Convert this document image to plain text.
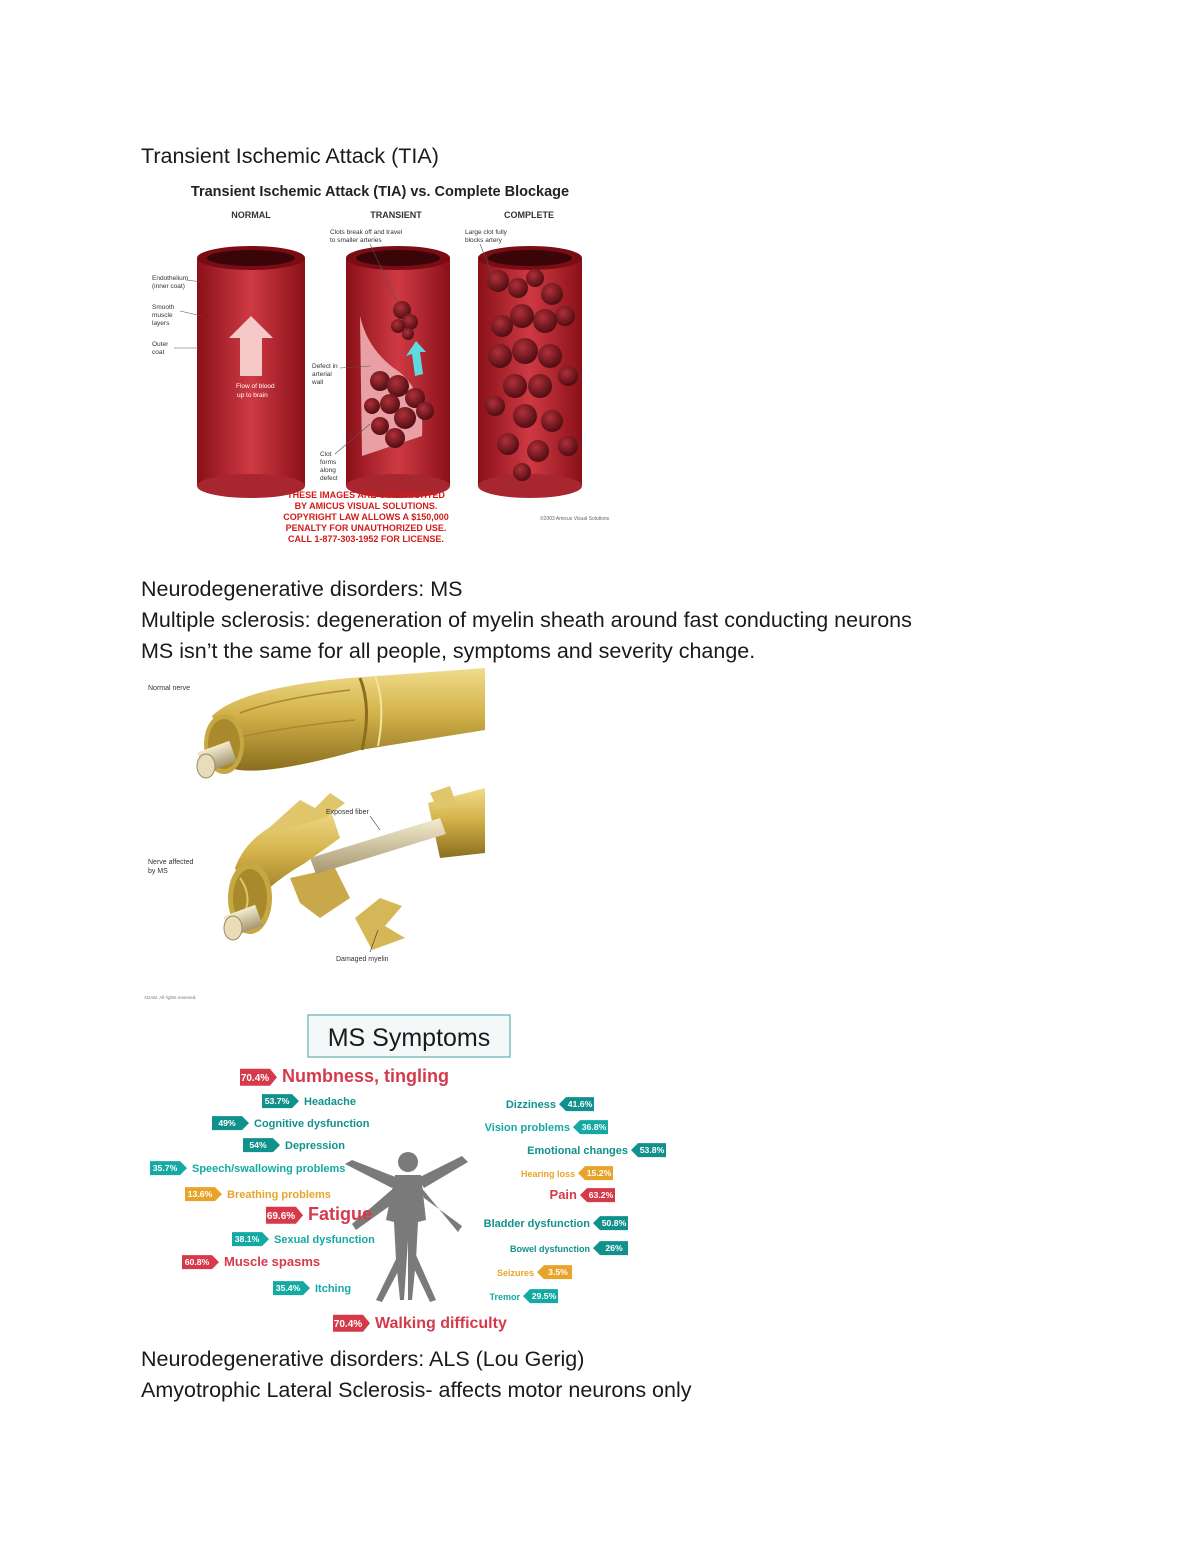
Transient Ischemic Attack (TIA)
Neurodegenerative disorders: MS
Multiple sclerosis: degeneration of myelin sheath around fast conducting neurons
MS isn’t the same for all people, symptoms and severity change.
Neurodegenerative disorders: ALS (Lou Gerig)
Amyotrophic Lateral Sclerosis- affects motor neurons only
Transient Ischemic Attack (TIA) vs. Complete Blockage
NORMAL	TRANSIENT	COMPLETE
Flow of blood
up to brain
Endothelium
(inner coat)
Smooth
muscle
layers
Outer
coat
Clots break off and travel
to smaller arteries
Defect in
arterial
wall
Clot
forms
along
defect
Large clot fully
blocks artery
THESE IMAGES ARE COPYRIGHTED
BY AMICUS VISUAL SOLUTIONS.
COPYRIGHT LAW ALLOWS A $150,000
PENALTY FOR UNAUTHORIZED USE.
CALL 1-877-303-1952 FOR LICENSE.
©2003 Amicus Visual Solutions
Normal nerve
Exposed fiber
Nerve affected
by MS
Damaged myelin
ADAM. All rights reserved.
MS Symptoms
70.4% Numbness, tingling
53.7% Headache
49% Cognitive dysfunction
54% Depression
35.7% Speech/swallowing problems
13.6% Breathing problems
69.6% Fatigue
38.1% Sexual dysfunction
60.8% Muscle spasms
35.4% Itching
70.4% Walking difficulty
41.6%
Dizziness
36.8%
Vision problems
53.8%
Emotional changes
15.2%
Hearing loss
63.2%
Pain
50.8%
Bladder dysfunction
26%
Bowel dysfunction
3.5%
Seizures
29.5%
Tremor
